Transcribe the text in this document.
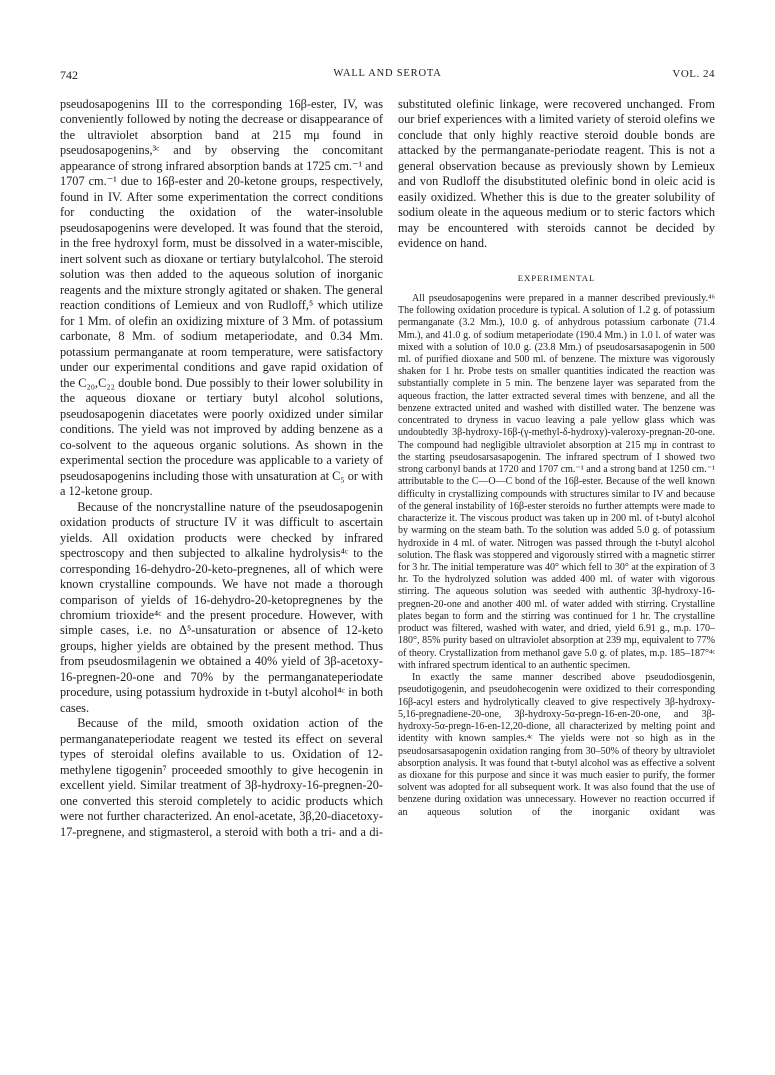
742	WALL AND SEROTA	VOL. 24

pseudosapogenins III to the corresponding 16β-ester, IV, was conveniently followed by noting the decrease or disappearance of the ultraviolet absorption band at 215 mμ found in pseudosapogenins,³ᶜ and by observing the concomitant appearance of strong infrared absorption bands at 1725 cm.⁻¹ and 1707 cm.⁻¹ due to 16β-ester and 20-ketone groups, respectively, found in IV. After some experimentation the correct conditions for conducting the oxidation of the water-insoluble pseudosapogenins were developed. It was found that the steroid, in the free hydroxyl form, must be dissolved in a water-miscible, inert solvent such as dioxane or tertiary butylalcohol. The steroid solution was then added to the aqueous solution of inorganic reagents and the mixture strongly agitated or shaken. The general reaction conditions of Lemieux and von Rudloff,⁵ which utilize for 1 Mm. of olefin an oxidizing mixture of 3 Mm. of potassium carbonate, 8 Mm. of sodium metaperiodate, and 0.34 Mm. potassium permanganate at room temperature, were satisfactory under our experimental conditions and gave rapid oxidation of the C₂₀,C₂₂ double bond. Due possibly to their lower solubility in the aqueous dioxane or tertiary butyl alcohol solutions, pseudosapogenin diacetates were poorly oxidized under similar conditions. The yield was not improved by adding benzene as a co-solvent to the aqueous organic solutions. As shown in the experimental section the procedure was applicable to a variety of pseudosapogenins including those with unsaturation at C₅ or with a 12-ketone group.

Because of the noncrystalline nature of the pseudosapogenin oxidation products of structure IV it was difficult to ascertain yields. All oxidation products were checked by infrared spectroscopy and then subjected to alkaline hydrolysis⁴ᶜ to the corresponding 16-dehydro-20-keto-pregnenes, all of which were known crystalline compounds. We have not made a thorough comparison of yields of 16-dehydro-20-ketopregnenes by the chromium trioxide⁴ᶜ and the present procedure. However, with simple cases, i.e. no Δ⁵-unsaturation or absence of 12-keto groups, higher yields are obtained by the present method. Thus from pseudosmilagenin we obtained a 40% yield of 3β-acetoxy-16-pregnen-20-one and 70% by the permanganateperiodate procedure, using potassium hydroxide in t-butyl alcohol⁴ᶜ in both cases.

Because of the mild, smooth oxidation action of the permanganateperiodate reagent we tested its effect on several types of steroidal olefins available to us. Oxidation of 12-methylene tigogenin⁷ proceeded smoothly to give hecogenin in excellent yield. Similar treatment of 3β-hydroxy-16-pregnen-20-one converted this steroid completely to acidic products which were not further characterized. An enol-acetate, 3β,20-diacetoxy-17-pregnene, and stigmasterol, a steroid with both a tri- and a di-

substituted olefinic linkage, were recovered unchanged. From our brief experiences with a limited variety of steroid olefins we conclude that only highly reactive steroid double bonds are attacked by the permanganate-periodate reagent. This is not a general observation because as previously shown by Lemieux and von Rudloff the disubstituted olefinic bond in oleic acid is easily oxidized. Whether this is due to the greater solubility of sodium oleate in the aqueous medium or to steric factors which may be encountered with steroids cannot be decided by evidence on hand.

EXPERIMENTAL

All pseudosapogenins were prepared in a manner described previously.⁴⁶ The following oxidation procedure is typical. A solution of 1.2 g. of potassium permanganate (3.2 Mm.), 10.0 g. of anhydrous potassium carbonate (71.4 Mm.), and 41.0 g. of sodium metaperiodate (190.4 Mm.) in 1.0 l. of water was mixed with a solution of 10.0 g. (23.8 Mm.) of pseudosarsasapogenin in 500 ml. of purified dioxane and 500 ml. of benzene. The mixture was vigorously shaken for 1 hr. Probe tests on smaller quantities indicated the reaction was substantially complete in 5 min. The benzene layer was separated from the aqueous fraction, the latter extracted several times with benzene, and all the benzene extracted united and washed with distilled water. The benzene was concentrated to dryness in vacuo leaving a pale yellow glass which was undoubtedly 3β-hydroxy-16β-(γ-methyl-δ-hydroxy)-valeroxy-pregnan-20-one. The compound had negligible ultraviolet absorption at 215 mμ in contrast to the starting pseudosarsasapogenin. The infrared spectrum of I showed two strong carbonyl bands at 1720 and 1707 cm.⁻¹ and a strong band at 1250 cm.⁻¹ attributable to the C—O—C bond of the 16β-ester. Because of the well known difficulty in crystallizing compounds with structures similar to IV and because of the general instability of 16β-ester steroids no further attempts were made to characterize it. The viscous product was taken up in 200 ml. of t-butyl alcohol by warming on the steam bath. To the solution was added 5.0 g. of potassium hydroxide in 4 ml. of water. Nitrogen was passed through the t-butyl alcohol solution. The flask was stoppered and vigorously stirred with a magnetic stirrer for 3 hr. The initial temperature was 40° which fell to 30° at the expiration of 3 hr. To the hydrolyzed solution was added 400 ml. of water with vigorous stirring. The aqueous solution was seeded with authentic 3β-hydroxy-16-pregnen-20-one and another 400 ml. of water added with stirring. Crystalline plates began to form and the stirring was continued for 1 hr. The crystalline product was filtered, washed with water, and dried, yield 6.91 g., m.p. 170–180°, 85% purity based on ultraviolet absorption at 239 mμ, equivalent to 77% of theory. Crystallization from methanol gave 5.0 g. of plates, m.p. 185–187°⁴ᶜ with infrared spectrum identical to an authentic specimen.

In exactly the same manner described above pseudodiosgenin, pseudotigogenin, and pseudohecogenin were oxidized to their corresponding 16β-acyl esters and hydrolytically cleaved to give respectively 3β-hydroxy-5,16-pregnadiene-20-one, 3β-hydroxy-5α-pregn-16-en-20-one, and 3β-hydroxy-5α-pregn-16-en-12,20-dione, all characterized by melting point and identity with known samples.⁴ᶜ The yields were not so high as in the pseudosarsasapogenin oxidation ranging from 30–50% of theory by ultraviolet absorption analysis. It was found that t-butyl alcohol was as effective a solvent as dioxane for this purpose and since it was much easier to purify, the former solvent was adopted for all subsequent work. It was also found that the use of benzene during oxidation was unnecessary. However no reaction occurred if an aqueous solution of the inorganic oxidant was
